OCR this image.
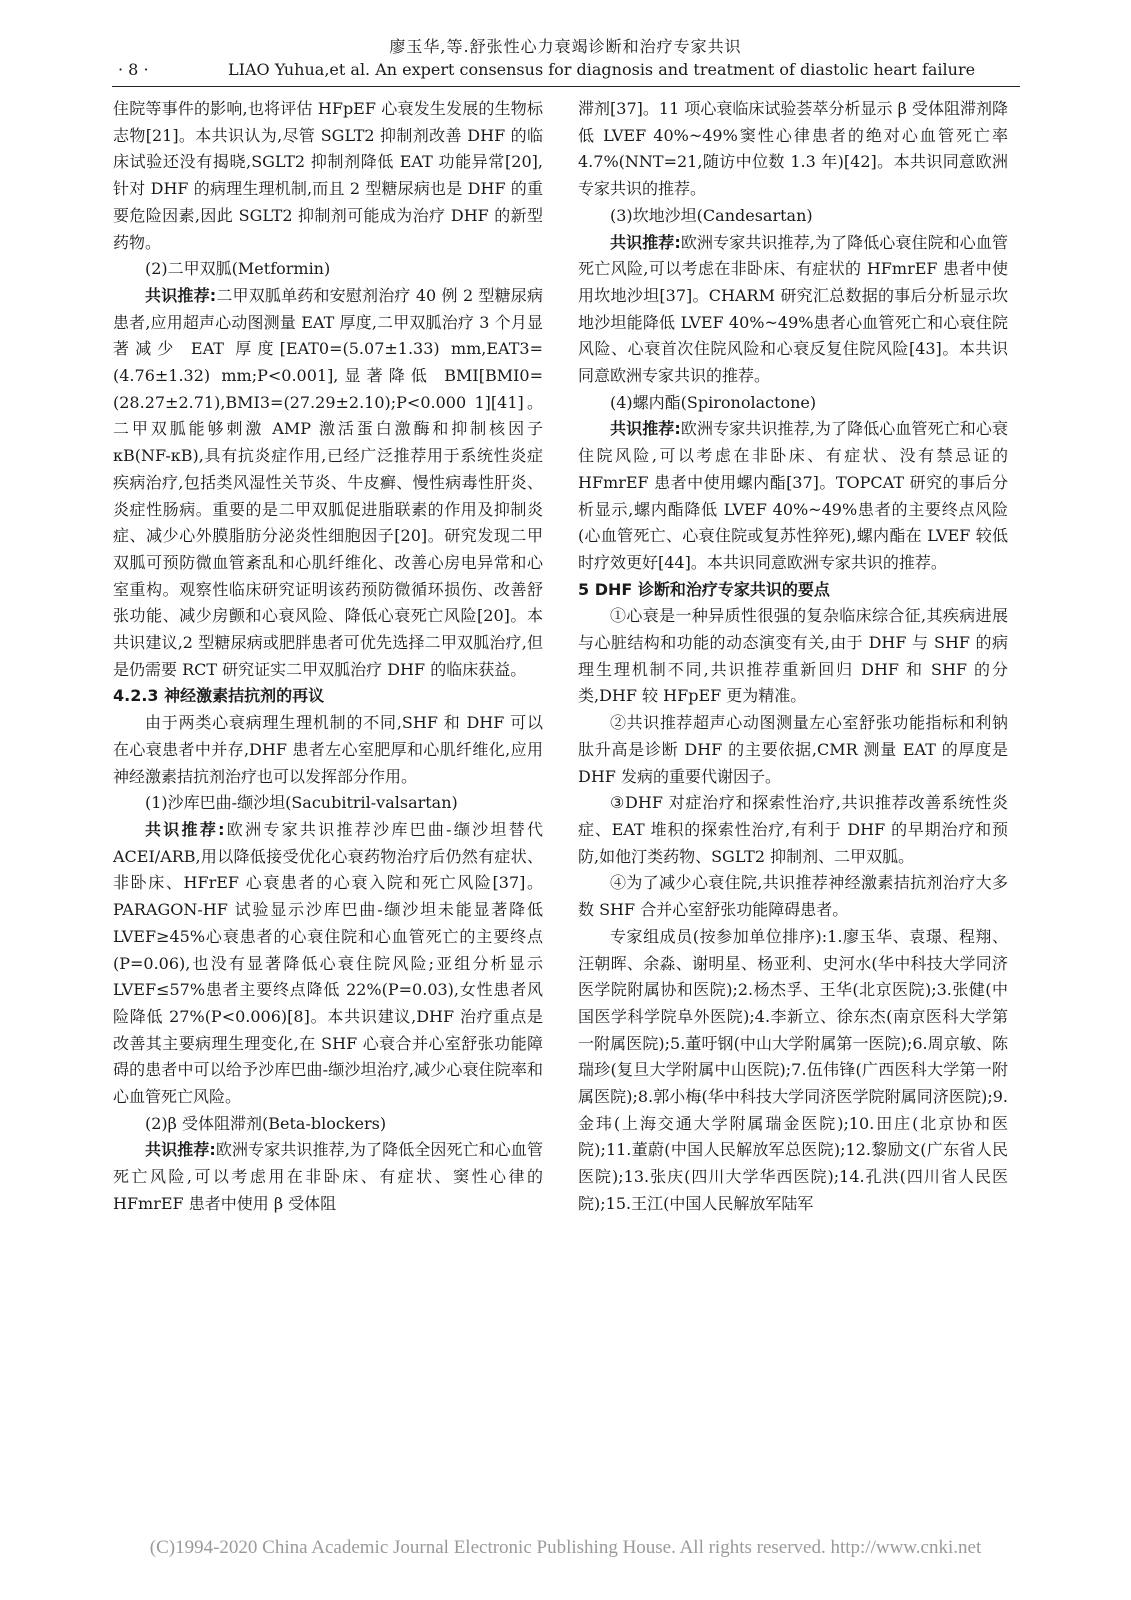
廖玉华,等.舒张性心力衰竭诊断和治疗专家共识
· 8 ·	LIAO Yuhua,et al. An expert consensus for diagnosis and treatment of diastolic heart failure

住院等事件的影响,也将评估 HFpEF 心衰发生发展的生物标志物[21]。本共识认为,尽管 SGLT2 抑制剂改善 DHF 的临床试验还没有揭晓,SGLT2 抑制剂降低 EAT 功能异常[20],针对 DHF 的病理生理机制,而且 2 型糖尿病也是 DHF 的重要危险因素,因此 SGLT2 抑制剂可能成为治疗 DHF 的新型药物。

(2)二甲双胍(Metformin)

共识推荐:二甲双胍单药和安慰剂治疗 40 例 2 型糖尿病患者,应用超声心动图测量 EAT 厚度,二甲双胍治疗 3 个月显著减少 EAT 厚度[EAT0=(5.07±1.33) mm,EAT3=(4.76±1.32) mm;P<0.001],显著降低 BMI[BMI0=(28.27±2.71),BMI3=(27.29±2.10);P<0.000 1][41]。二甲双胍能够刺激 AMP 激活蛋白激酶和抑制核因子 κB(NF-κB),具有抗炎症作用,已经广泛推荐用于系统性炎症疾病治疗,包括类风湿性关节炎、牛皮癣、慢性病毒性肝炎、炎症性肠病。重要的是二甲双胍促进脂联素的作用及抑制炎症、减少心外膜脂肪分泌炎性细胞因子[20]。研究发现二甲双胍可预防微血管紊乱和心肌纤维化、改善心房电异常和心室重构。观察性临床研究证明该药预防微循环损伤、改善舒张功能、减少房颤和心衰风险、降低心衰死亡风险[20]。本共识建议,2 型糖尿病或肥胖患者可优先选择二甲双胍治疗,但是仍需要 RCT 研究证实二甲双胍治疗 DHF 的临床获益。

4.2.3 神经激素拮抗剂的再议

由于两类心衰病理生理机制的不同,SHF 和 DHF 可以在心衰患者中并存,DHF 患者左心室肥厚和心肌纤维化,应用神经激素拮抗剂治疗也可以发挥部分作用。

(1)沙库巴曲-缬沙坦(Sacubitril-valsartan)

共识推荐:欧洲专家共识推荐沙库巴曲-缬沙坦替代 ACEI/ARB,用以降低接受优化心衰药物治疗后仍然有症状、非卧床、HFrEF 心衰患者的心衰入院和死亡风险[37]。PARAGON-HF 试验显示沙库巴曲-缬沙坦未能显著降低 LVEF≥45%心衰患者的心衰住院和心血管死亡的主要终点(P=0.06),也没有显著降低心衰住院风险;亚组分析显示 LVEF≤57%患者主要终点降低 22%(P=0.03),女性患者风险降低 27%(P<0.006)[8]。本共识建议,DHF 治疗重点是改善其主要病理生理变化,在 SHF 心衰合并心室舒张功能障碍的患者中可以给予沙库巴曲-缬沙坦治疗,减少心衰住院率和心血管死亡风险。

(2)β 受体阻滞剂(Beta-blockers)

共识推荐:欧洲专家共识推荐,为了降低全因死亡和心血管死亡风险,可以考虑用在非卧床、有症状、窦性心律的 HFmrEF 患者中使用 β 受体阻

滞剂[37]。11 项心衰临床试验荟萃分析显示 β 受体阻滞剂降低 LVEF 40%~49%窦性心律患者的绝对心血管死亡率 4.7%(NNT=21,随访中位数 1.3 年)[42]。本共识同意欧洲专家共识的推荐。

(3)坎地沙坦(Candesartan)

共识推荐:欧洲专家共识推荐,为了降低心衰住院和心血管死亡风险,可以考虑在非卧床、有症状的 HFmrEF 患者中使用坎地沙坦[37]。CHARM 研究汇总数据的事后分析显示坎地沙坦能降低 LVEF 40%~49%患者心血管死亡和心衰住院风险、心衰首次住院风险和心衰反复住院风险[43]。本共识同意欧洲专家共识的推荐。

(4)螺内酯(Spironolactone)

共识推荐:欧洲专家共识推荐,为了降低心血管死亡和心衰住院风险,可以考虑在非卧床、有症状、没有禁忌证的 HFmrEF 患者中使用螺内酯[37]。TOPCAT 研究的事后分析显示,螺内酯降低 LVEF 40%~49%患者的主要终点风险(心血管死亡、心衰住院或复苏性猝死),螺内酯在 LVEF 较低时疗效更好[44]。本共识同意欧洲专家共识的推荐。

5 DHF 诊断和治疗专家共识的要点

①心衰是一种异质性很强的复杂临床综合征,其疾病进展与心脏结构和功能的动态演变有关,由于 DHF 与 SHF 的病理生理机制不同,共识推荐重新回归 DHF 和 SHF 的分类,DHF 较 HFpEF 更为精准。

②共识推荐超声心动图测量左心室舒张功能指标和利钠肽升高是诊断 DHF 的主要依据,CMR 测量 EAT 的厚度是 DHF 发病的重要代谢因子。

③DHF 对症治疗和探索性治疗,共识推荐改善系统性炎症、EAT 堆积的探索性治疗,有利于 DHF 的早期治疗和预防,如他汀类药物、SGLT2 抑制剂、二甲双胍。

④为了减少心衰住院,共识推荐神经激素拮抗剂治疗大多数 SHF 合并心室舒张功能障碍患者。

专家组成员(按参加单位排序):1.廖玉华、袁璟、程翔、汪朝晖、余淼、谢明星、杨亚利、史河水(华中科技大学同济医学院附属协和医院);2.杨杰孚、王华(北京医院);3.张健(中国医学科学院阜外医院);4.李新立、徐东杰(南京医科大学第一附属医院);5.董吁钢(中山大学附属第一医院);6.周京敏、陈瑞珍(复旦大学附属中山医院);7.伍伟锋(广西医科大学第一附属医院);8.郭小梅(华中科技大学同济医学院附属同济医院);9.金玮(上海交通大学附属瑞金医院);10.田庄(北京协和医院);11.董蔚(中国人民解放军总医院);12.黎励文(广东省人民医院);13.张庆(四川大学华西医院);14.孔洪(四川省人民医院);15.王江(中国人民解放军陆军

(C)1994-2020 China Academic Journal Electronic Publishing House. All rights reserved. http://www.cnki.net
